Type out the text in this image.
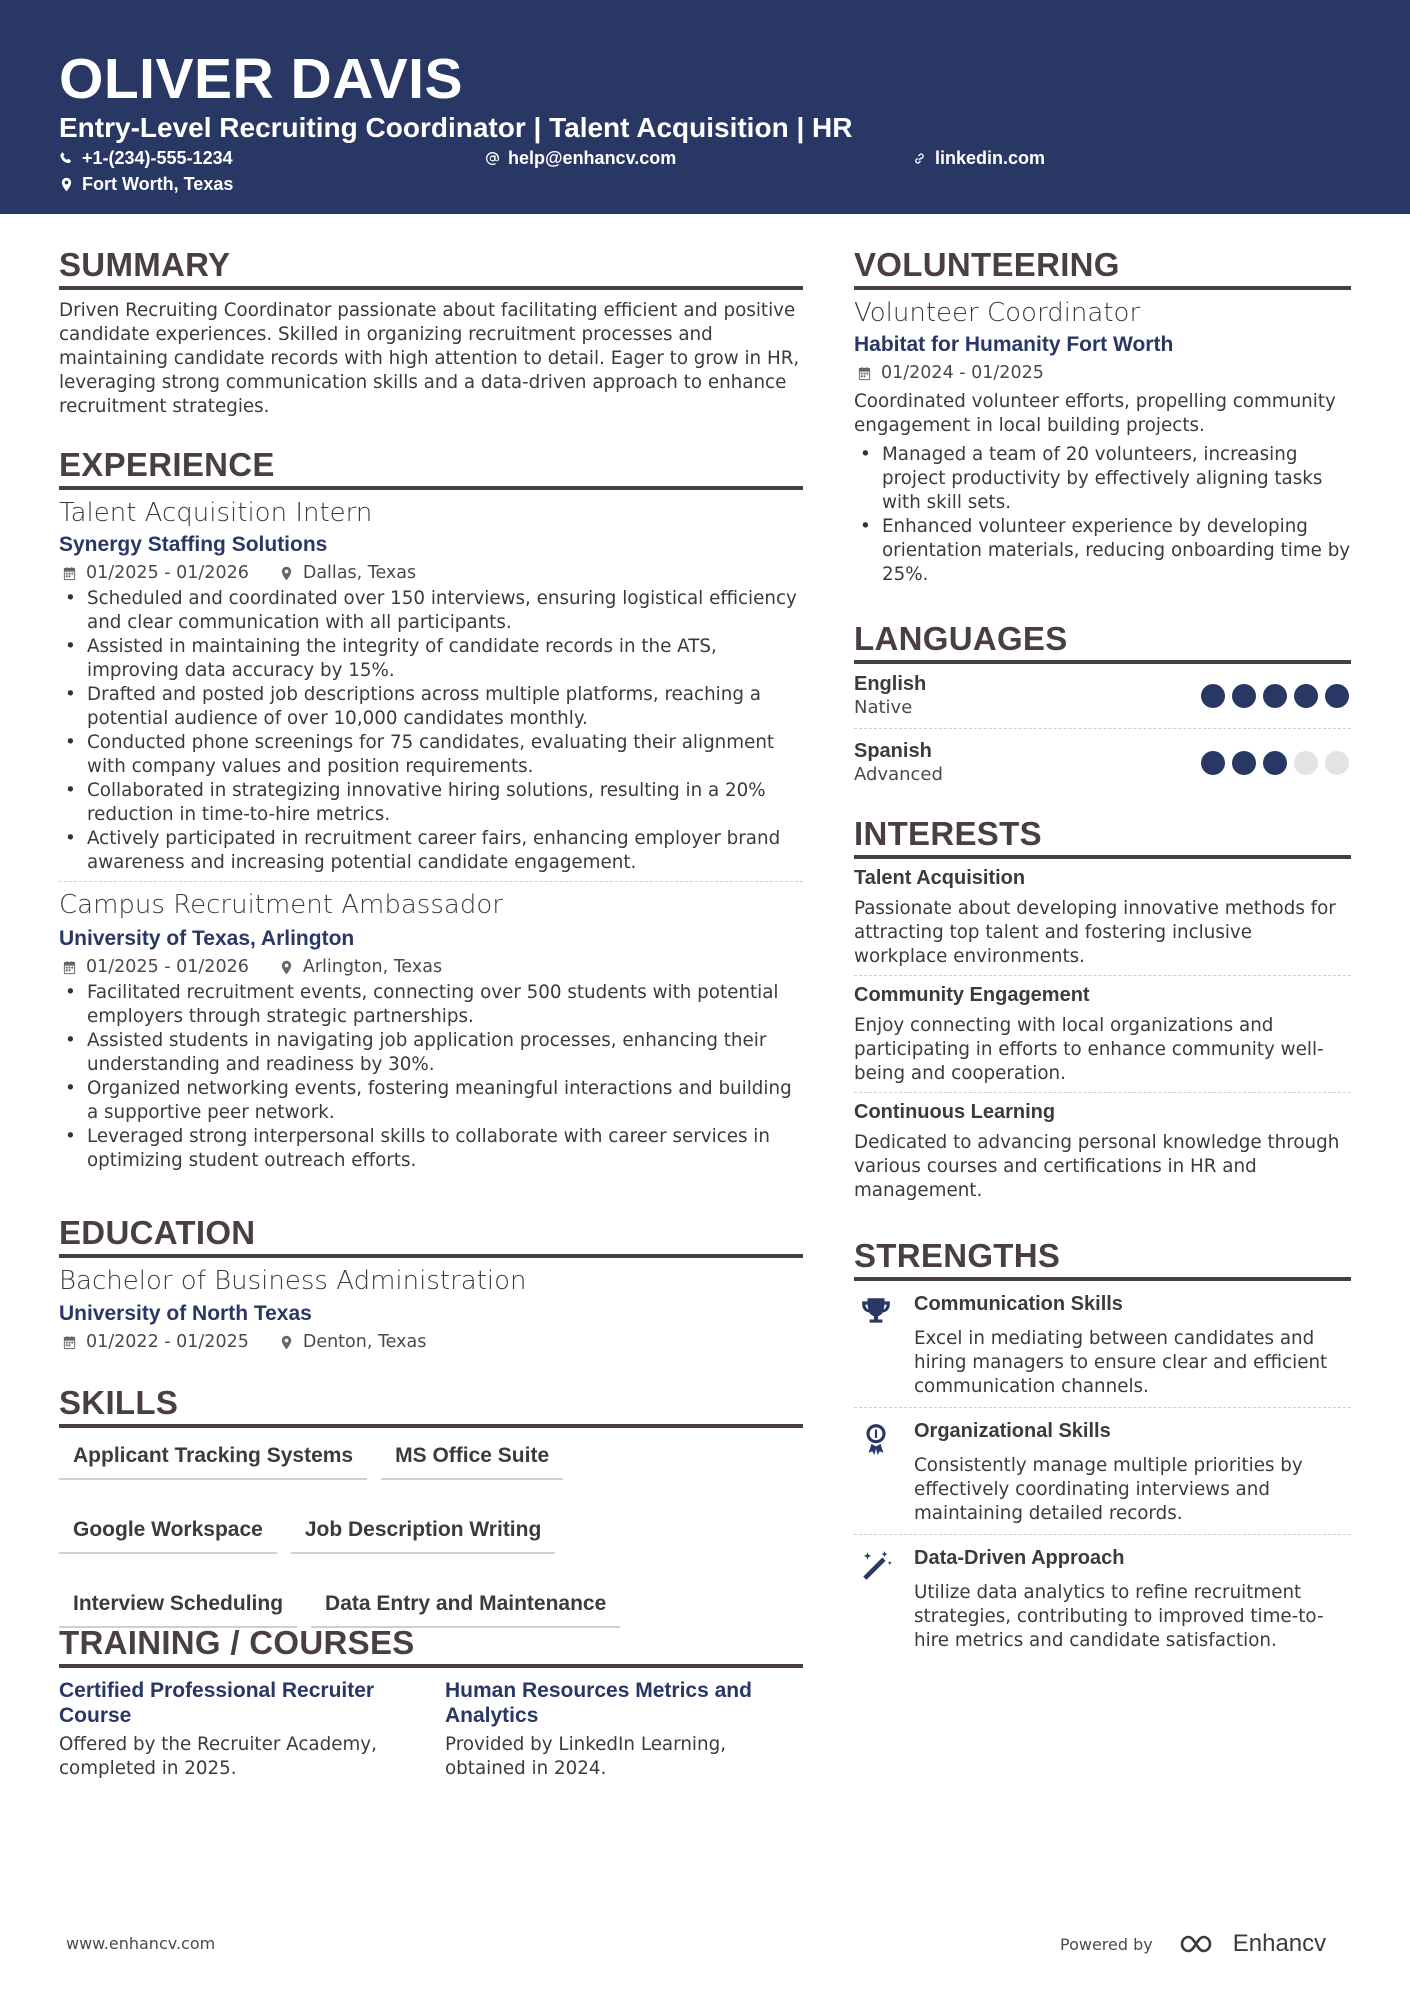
OLIVER DAVIS
Entry-Level Recruiting Coordinator | Talent Acquisition | HR
+1-(234)-555-1234	help@enhancv.com	linkedin.com
Fort Worth, Texas
SUMMARY
Driven Recruiting Coordinator passionate about facilitating efficient and positive candidate experiences. Skilled in organizing recruitment processes and maintaining candidate records with high attention to detail. Eager to grow in HR, leveraging strong communication skills and a data-driven approach to enhance recruitment strategies.
EXPERIENCE
Talent Acquisition Intern
Synergy Staffing Solutions
01/2025 - 01/2026	Dallas, Texas
• Scheduled and coordinated over 150 interviews, ensuring logistical efficiency and clear communication with all participants.
• Assisted in maintaining the integrity of candidate records in the ATS, improving data accuracy by 15%.
• Drafted and posted job descriptions across multiple platforms, reaching a potential audience of over 10,000 candidates monthly.
• Conducted phone screenings for 75 candidates, evaluating their alignment with company values and position requirements.
• Collaborated in strategizing innovative hiring solutions, resulting in a 20% reduction in time-to-hire metrics.
• Actively participated in recruitment career fairs, enhancing employer brand awareness and increasing potential candidate engagement.
Campus Recruitment Ambassador
University of Texas, Arlington
01/2025 - 01/2026	Arlington, Texas
• Facilitated recruitment events, connecting over 500 students with potential employers through strategic partnerships.
• Assisted students in navigating job application processes, enhancing their understanding and readiness by 30%.
• Organized networking events, fostering meaningful interactions and building a supportive peer network.
• Leveraged strong interpersonal skills to collaborate with career services in optimizing student outreach efforts.
EDUCATION
Bachelor of Business Administration
University of North Texas
01/2022 - 01/2025	Denton, Texas
SKILLS
Applicant Tracking Systems	MS Office Suite
Google Workspace	Job Description Writing
Interview Scheduling	Data Entry and Maintenance
TRAINING / COURSES
Certified Professional Recruiter Course
Offered by the Recruiter Academy, completed in 2025.
Human Resources Metrics and Analytics
Provided by LinkedIn Learning, obtained in 2024.
VOLUNTEERING
Volunteer Coordinator
Habitat for Humanity Fort Worth
01/2024 - 01/2025
Coordinated volunteer efforts, propelling community engagement in local building projects.
• Managed a team of 20 volunteers, increasing project productivity by effectively aligning tasks with skill sets.
• Enhanced volunteer experience by developing orientation materials, reducing onboarding time by 25%.
LANGUAGES
English
Native
Spanish
Advanced
INTERESTS
Talent Acquisition
Passionate about developing innovative methods for attracting top talent and fostering inclusive workplace environments.
Community Engagement
Enjoy connecting with local organizations and participating in efforts to enhance community well-being and cooperation.
Continuous Learning
Dedicated to advancing personal knowledge through various courses and certifications in HR and management.
STRENGTHS
Communication Skills
Excel in mediating between candidates and hiring managers to ensure clear and efficient communication channels.
Organizational Skills
Consistently manage multiple priorities by effectively coordinating interviews and maintaining detailed records.
Data-Driven Approach
Utilize data analytics to refine recruitment strategies, contributing to improved time-to-hire metrics and candidate satisfaction.
www.enhancv.com	Powered by	Enhancv
